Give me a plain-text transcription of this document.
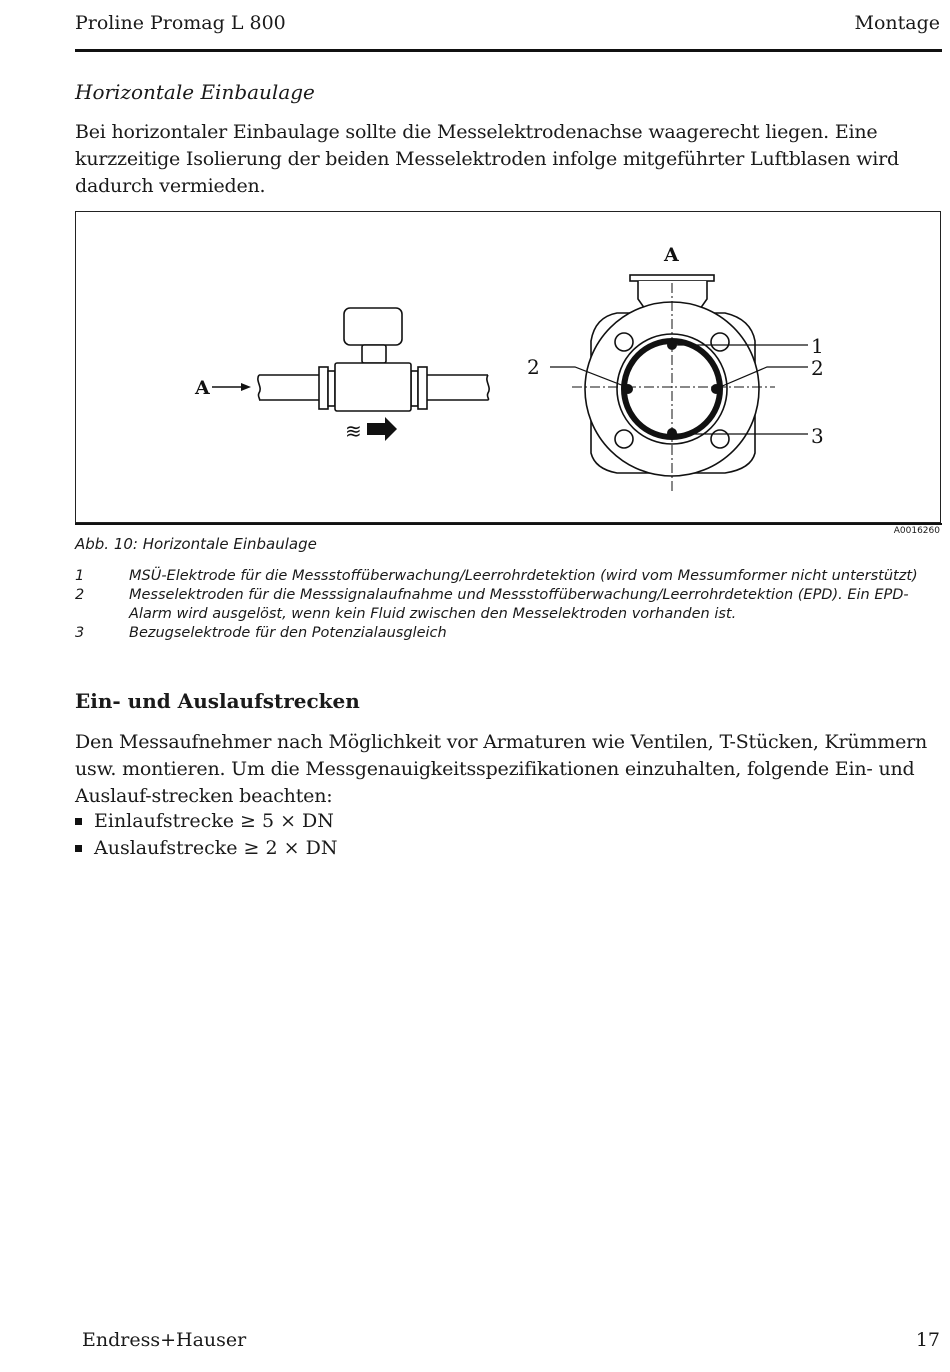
Proline Promag L 800	Montage
Horizontale Einbaulage
Bei horizontaler Einbaulage sollte die Messelektrodenachse waagerecht liegen. Eine kurzzeitige Isolierung der beiden Messelektroden infolge mitgeführter Luftblasen wird dadurch vermieden.
≋
A
A
2
1
2
3
Abb. 10: Horizontale Einbaulage
A0016260
1	MSÜ-Elektrode für die Messstoffüberwachung/Leerrohrdetektion (wird vom Messumformer nicht unterstützt)
2	Messelektroden für die Messsignalaufnahme und Messstoffüberwachung/Leerrohrdetektion (EPD). Ein EPD-Alarm wird ausgelöst, wenn kein Fluid zwischen den Messelektroden vorhanden ist.
3	Bezugselektrode für den Potenzialausgleich
Ein- und Auslaufstrecken
Den Messaufnehmer nach Möglichkeit vor Armaturen wie Ventilen, T-Stücken, Krümmern usw. montieren. Um die Messgenauigkeitsspezifikationen einzuhalten, folgende Ein- und Auslauf-strecken beachten:
Einlaufstrecke ≥ 5 × DN
Auslaufstrecke ≥ 2 × DN
Endress+Hauser	17
